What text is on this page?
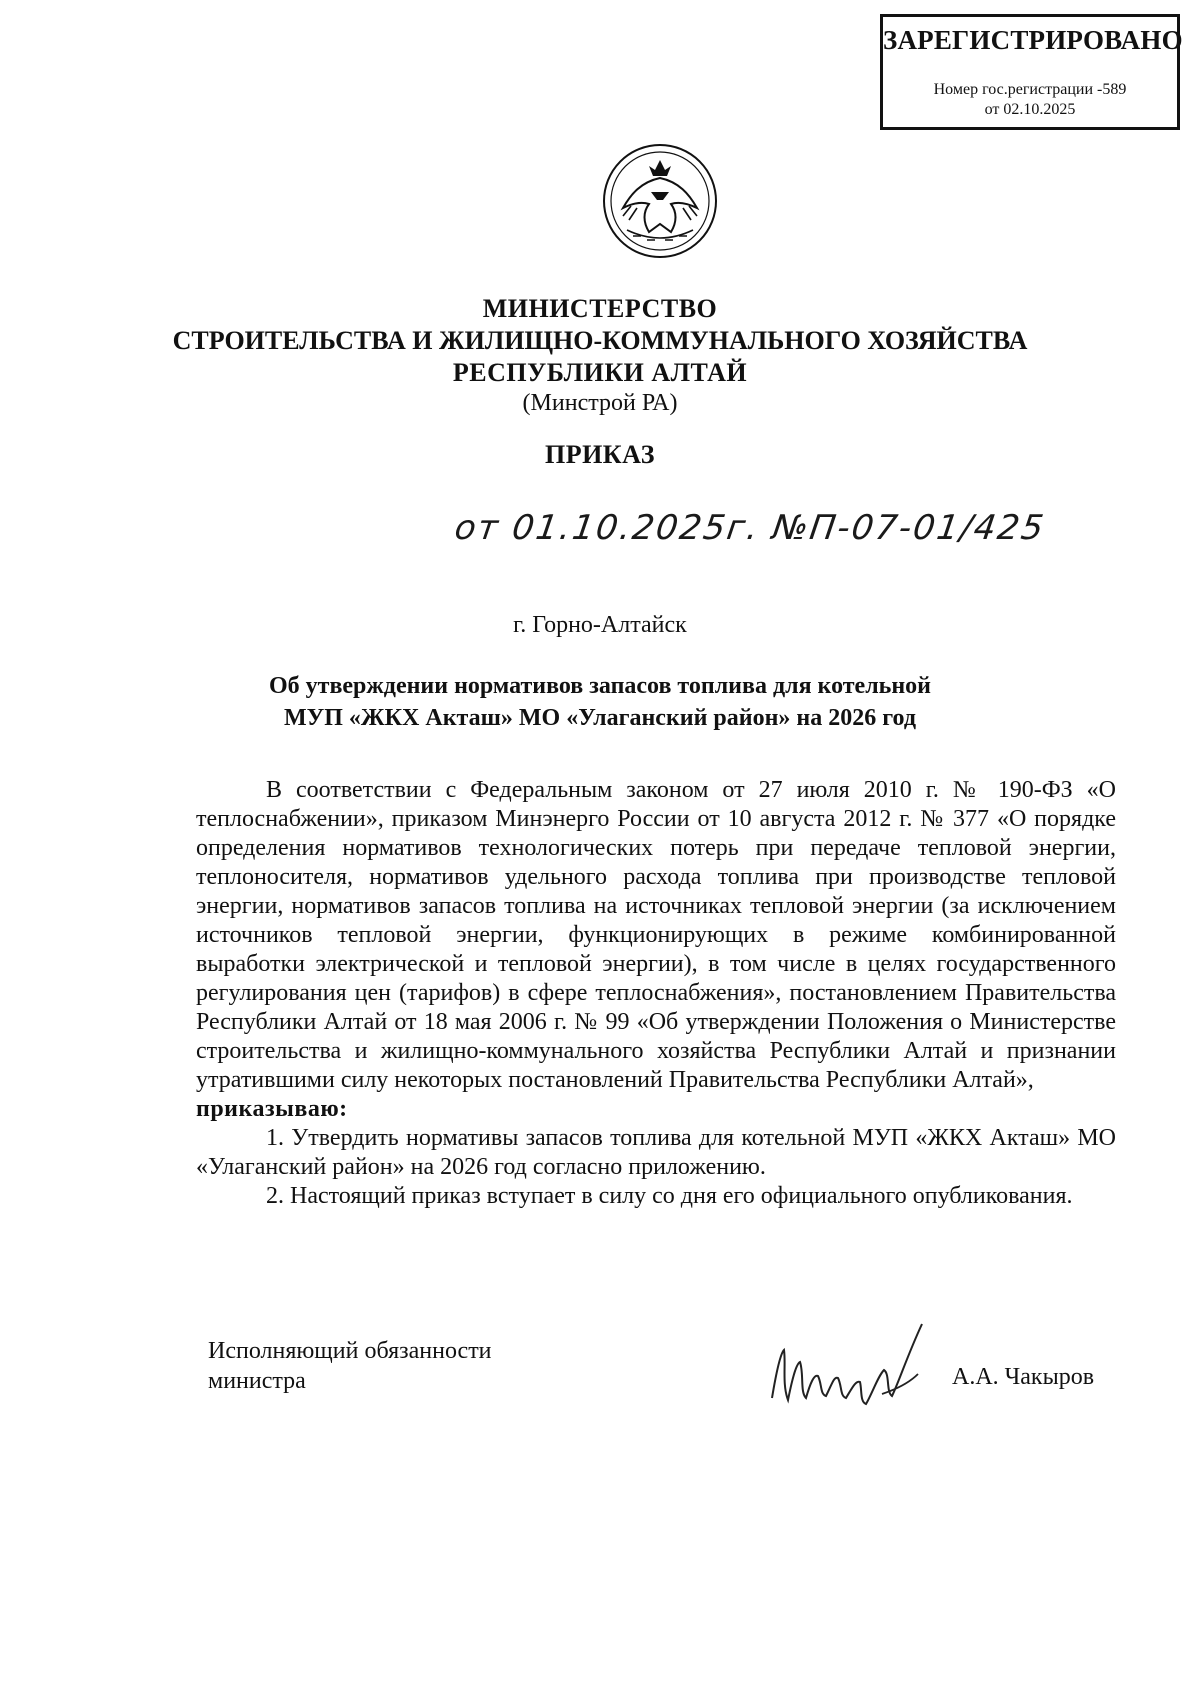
ЗАРЕГИСТРИРОВАНО
Номер гос.регистрации -589
от 02.10.2025
МИНИСТЕРСТВО
СТРОИТЕЛЬСТВА И ЖИЛИЩНО-КОММУНАЛЬНОГО ХОЗЯЙСТВА
РЕСПУБЛИКИ АЛТАЙ
(Минстрой РА)
ПРИКАЗ
от 01.10.2025г. №П-07-01/425
г. Горно-Алтайск
Об утверждении нормативов запасов топлива для котельной
МУП «ЖКХ Акташ» МО «Улаганский район» на 2026 год

В соответствии с Федеральным законом от 27 июля 2010 г. № 190-ФЗ «О теплоснабжении», приказом Минэнерго России от 10 августа 2012 г. № 377 «О порядке определения нормативов технологических потерь при передаче тепловой энергии, теплоносителя, нормативов удельного расхода топлива при производстве тепловой энергии, нормативов запасов топлива на источниках тепловой энергии (за исключением источников тепловой энергии, функционирующих в режиме комбинированной выработки электрической и тепловой энергии), в том числе в целях государственного регулирования цен (тарифов) в сфере теплоснабжения», постановлением Правительства Республики Алтай от 18 мая 2006 г. № 99 «Об утверждении Положения о Министерстве строительства и жилищно-коммунального хозяйства Республики Алтай и признании утратившими силу некоторых постановлений Правительства Республики Алтай»,

приказываю:

1. Утвердить нормативы запасов топлива для котельной МУП «ЖКХ Акташ» МО «Улаганский район» на 2026 год согласно приложению.

2. Настоящий приказ вступает в силу со дня его официального опубликования.

Исполняющий обязанности
министра	А.А. Чакыров
